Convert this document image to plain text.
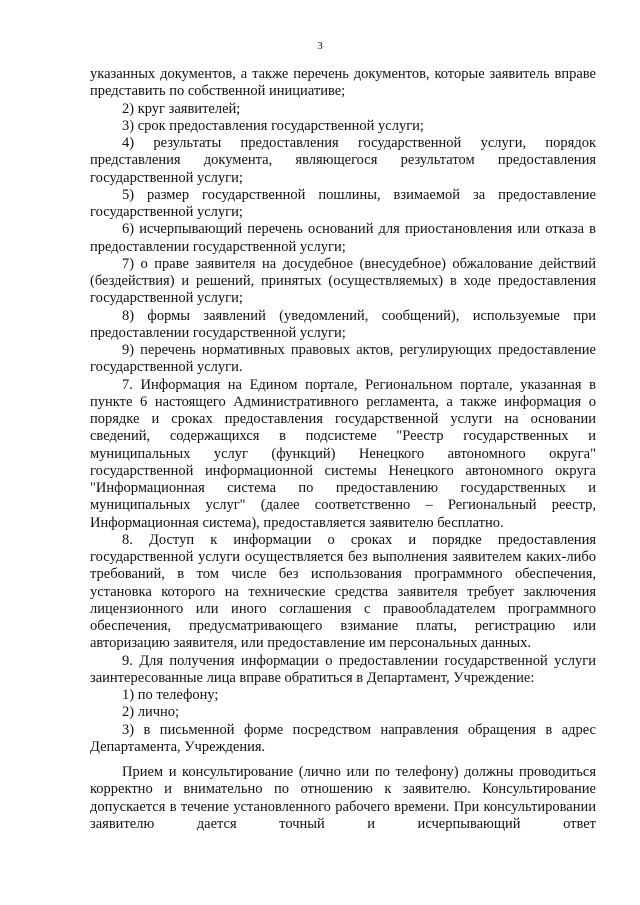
3

указанных документов, а также перечень документов, которые заявитель вправе представить по собственной инициативе;

2) круг заявителей;

3) срок предоставления государственной услуги;

4) результаты предоставления государственной услуги, порядок представления документа, являющегося результатом предоставления государственной услуги;

5) размер государственной пошлины, взимаемой за предоставление государственной услуги;

6) исчерпывающий перечень оснований для приостановления или отказа в предоставлении государственной услуги;

7) о праве заявителя на досудебное (внесудебное) обжалование действий (бездействия) и решений, принятых (осуществляемых) в ходе предоставления государственной услуги;

8) формы заявлений (уведомлений, сообщений), используемые при предоставлении государственной услуги;

9) перечень нормативных правовых актов, регулирующих предоставление государственной услуги.

7. Информация на Едином портале, Региональном портале, указанная в пункте 6 настоящего Административного регламента, а также информация о порядке и сроках предоставления государственной услуги на основании сведений, содержащихся в подсистеме "Реестр государственных и муниципальных услуг (функций) Ненецкого автономного округа" государственной информационной системы Ненецкого автономного округа "Информационная система по предоставлению государственных и муниципальных услуг" (далее соответственно – Региональный реестр, Информационная система), предоставляется заявителю бесплатно.

8. Доступ к информации о сроках и порядке предоставления государственной услуги осуществляется без выполнения заявителем каких-либо требований, в том числе без использования программного обеспечения, установка которого на технические средства заявителя требует заключения лицензионного или иного соглашения с правообладателем программного обеспечения, предусматривающего взимание платы, регистрацию или авторизацию заявителя, или предоставление им персональных данных.

9. Для получения информации о предоставлении государственной услуги заинтересованные лица вправе обратиться в Департамент, Учреждение:

1) по телефону;

2) лично;

3) в письменной форме посредством направления обращения в адрес Департамента, Учреждения.

Прием и консультирование (лично или по телефону) должны проводиться корректно и внимательно по отношению к заявителю. Консультирование допускается в течение установленного рабочего времени. При консультировании заявителю дается точный и исчерпывающий ответ
